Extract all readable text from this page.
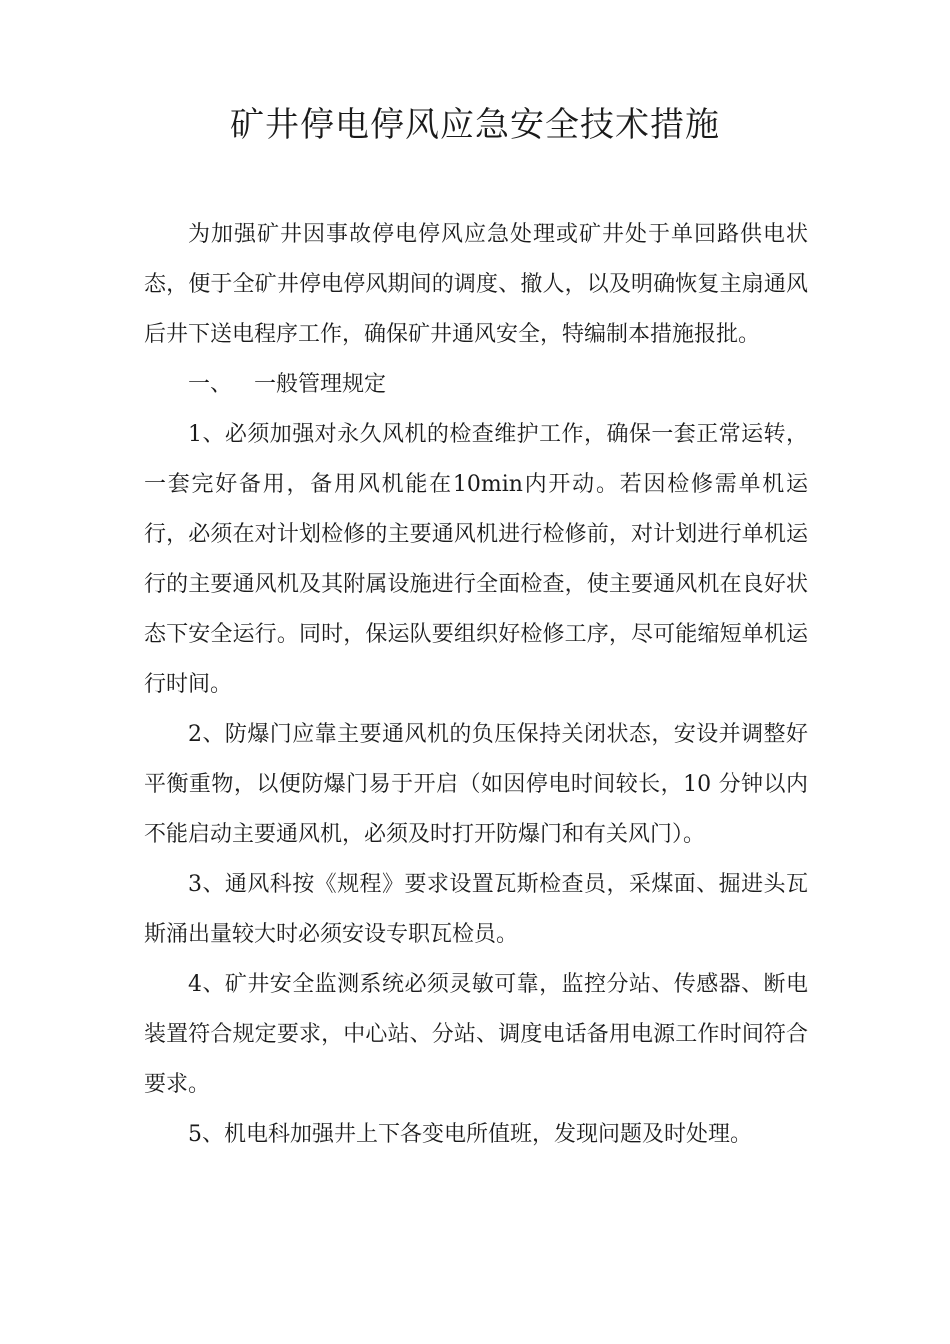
矿井停电停风应急安全技术措施

为加强矿井因事故停电停风应急处理或矿井处于单回路供电状态，便于全矿井停电停风期间的调度、撤人，以及明确恢复主扇通风后井下送电程序工作，确保矿井通风安全，特编制本措施报批。

一、 一般管理规定

1、必须加强对永久风机的检查维护工作，确保一套正常运转，一套完好备用，备用风机能在10min内开动。若因检修需单机运行，必须在对计划检修的主要通风机进行检修前，对计划进行单机运行的主要通风机及其附属设施进行全面检查，使主要通风机在良好状态下安全运行。同时，保运队要组织好检修工序，尽可能缩短单机运行时间。

2、防爆门应靠主要通风机的负压保持关闭状态，安设并调整好平衡重物，以便防爆门易于开启（如因停电时间较长，10 分钟以内不能启动主要通风机，必须及时打开防爆门和有关风门）。

3、通风科按《规程》要求设置瓦斯检查员，采煤面、掘进头瓦斯涌出量较大时必须安设专职瓦检员。

4、矿井安全监测系统必须灵敏可靠，监控分站、传感器、断电装置符合规定要求，中心站、分站、调度电话备用电源工作时间符合要求。

5、机电科加强井上下各变电所值班，发现问题及时处理。
